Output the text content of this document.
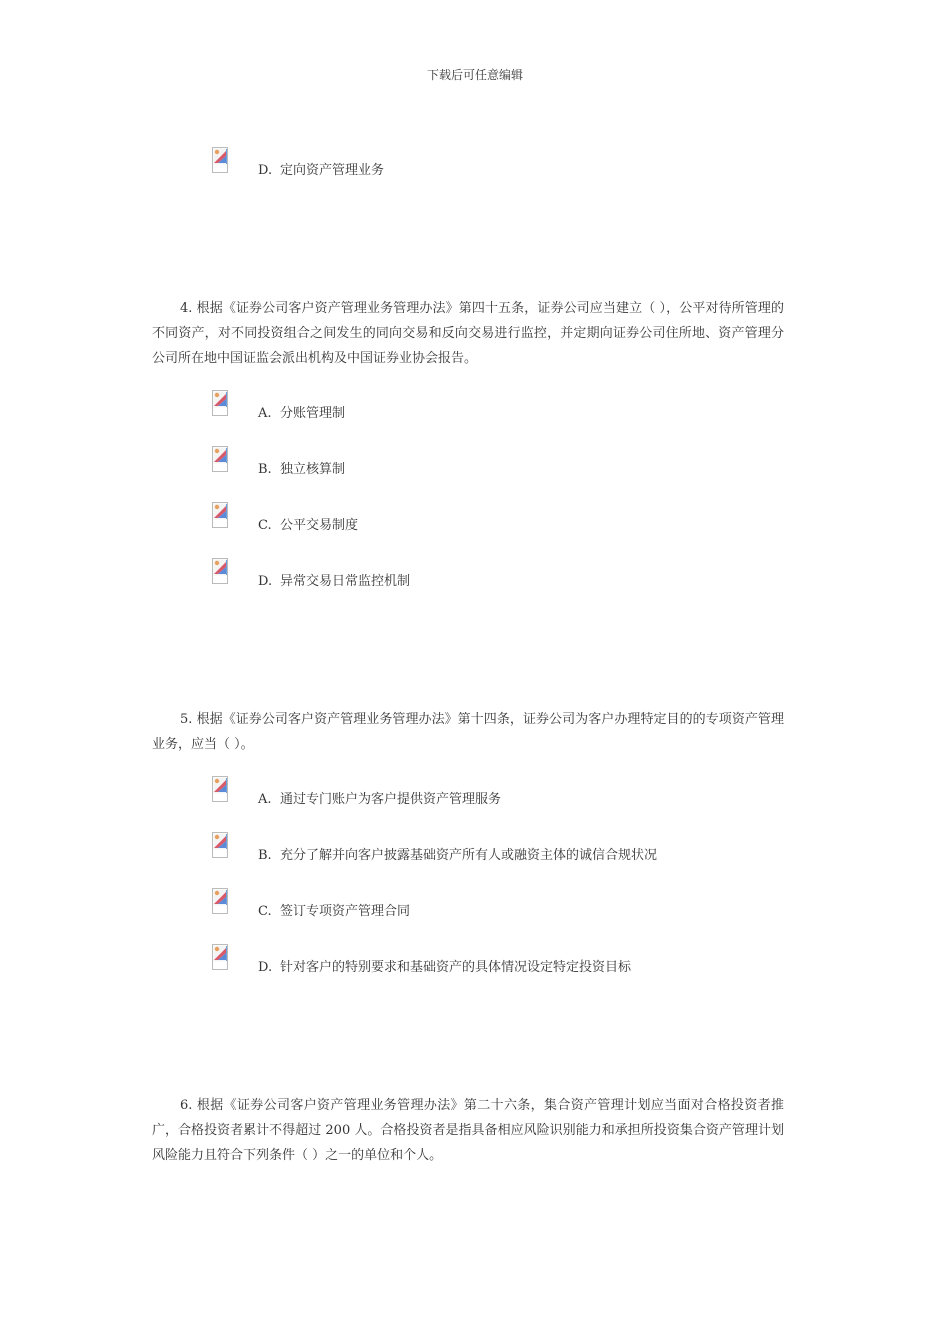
下载后可任意编辑
D. 定向资产管理业务
4. 根据《证券公司客户资产管理业务管理办法》第四十五条，证券公司应当建立（ ），公平对待所管理的不同资产，对不同投资组合之间发生的同向交易和反向交易进行监控，并定期向证券公司住所地、资产管理分公司所在地中国证监会派出机构及中国证券业协会报告。
A. 分账管理制
B. 独立核算制
C. 公平交易制度
D. 异常交易日常监控机制
5. 根据《证券公司客户资产管理业务管理办法》第十四条，证券公司为客户办理特定目的的专项资产管理业务，应当（ ）。
A. 通过专门账户为客户提供资产管理服务
B. 充分了解并向客户披露基础资产所有人或融资主体的诚信合规状况
C. 签订专项资产管理合同
D. 针对客户的特别要求和基础资产的具体情况设定特定投资目标
6. 根据《证券公司客户资产管理业务管理办法》第二十六条，集合资产管理计划应当面对合格投资者推广，合格投资者累计不得超过 200 人。合格投资者是指具备相应风险识别能力和承担所投资集合资产管理计划风险能力且符合下列条件（ ）之一的单位和个人。
